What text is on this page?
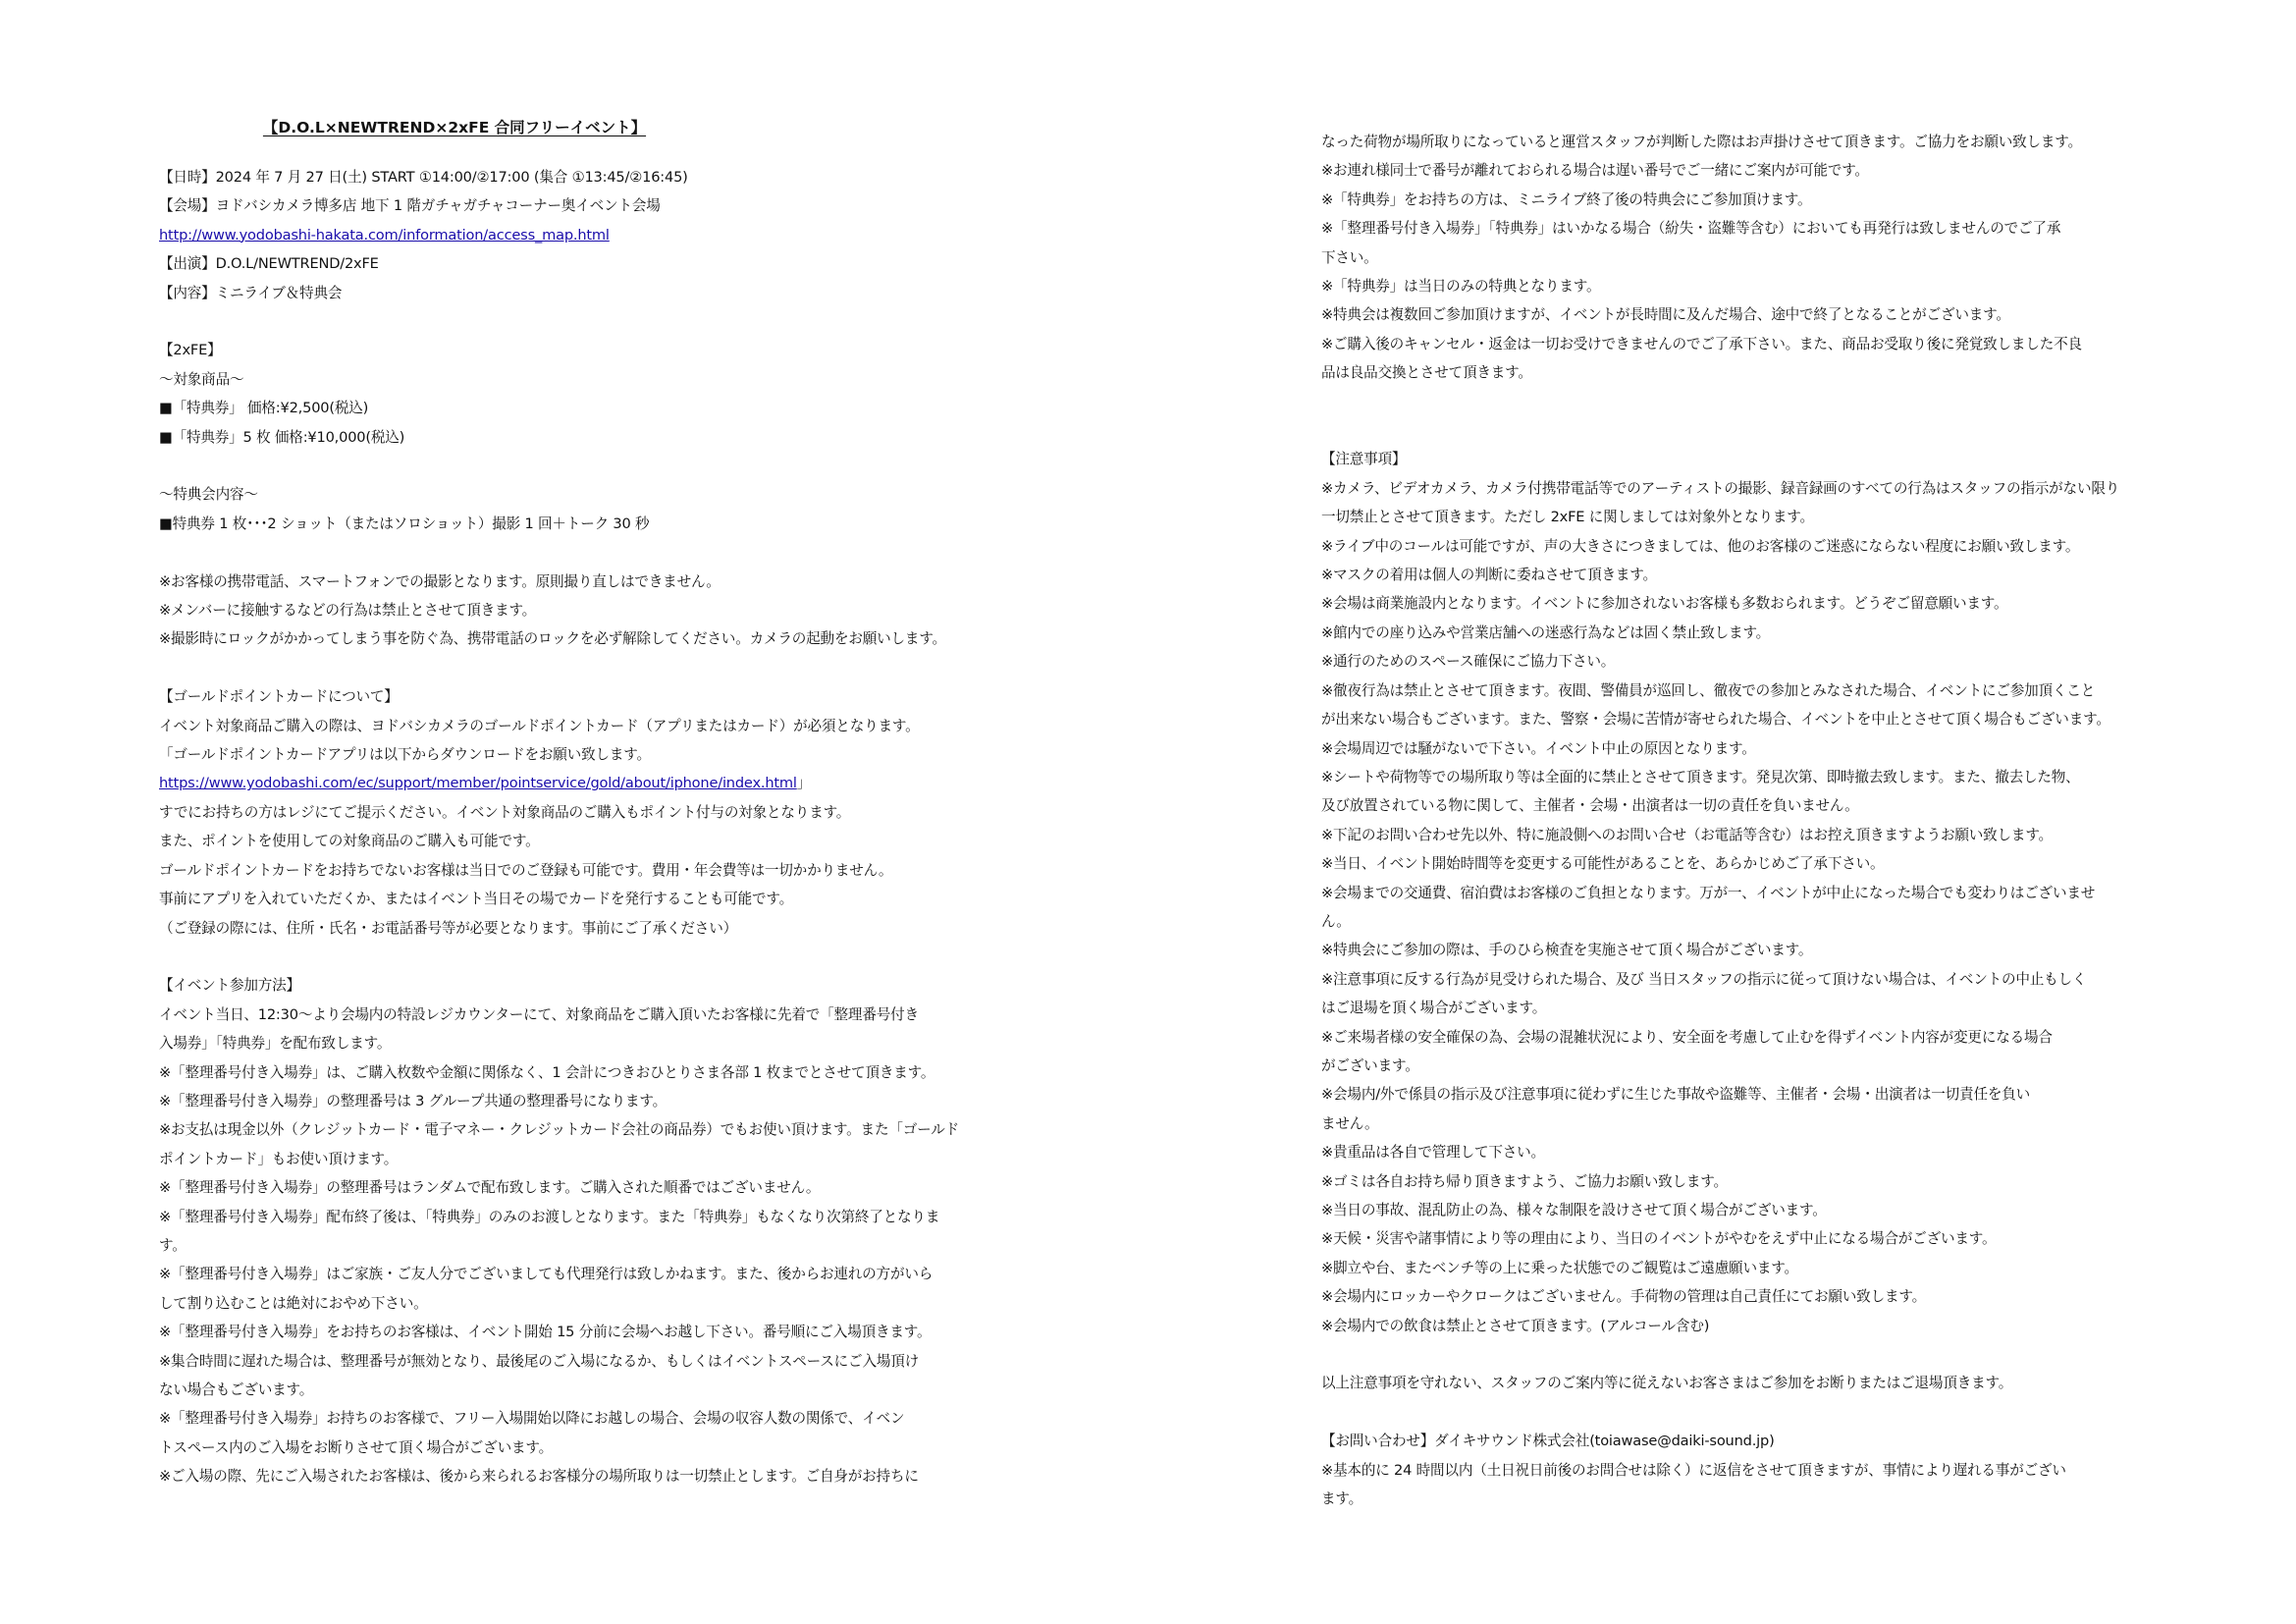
【D.O.L×NEWTREND×2xFE 合同フリーイベント】
【日時】2024 年 7 月 27 日(土) START ①14:00/②17:00 (集合 ①13:45/②16:45)
【会場】ヨドバシカメラ博多店 地下 1 階ガチャガチャコーナー奥イベント会場
http://www.yodobashi-hakata.com/information/access_map.html
【出演】D.O.L/NEWTREND/2xFE
【内容】ミニライブ＆特典会
【2xFE】
～対象商品～
■「特典券」 価格:¥2,500(税込)
■「特典券」5 枚 価格:¥10,000(税込)
～特典会内容～
■特典券 1 枚･･･2 ショット（またはソロショット）撮影 1 回＋トーク 30 秒
※お客様の携帯電話、スマートフォンでの撮影となります。原則撮り直しはできません。
※メンバーに接触するなどの行為は禁止とさせて頂きます。
※撮影時にロックがかかってしまう事を防ぐ為、携帯電話のロックを必ず解除してください。カメラの起動をお願いします。
【ゴールドポイントカードについて】
イベント対象商品ご購入の際は、ヨドバシカメラのゴールドポイントカード（アプリまたはカード）が必須となります。
「ゴールドポイントカードアプリは以下からダウンロードをお願い致します。
https://www.yodobashi.com/ec/support/member/pointservice/gold/about/iphone/index.html」
すでにお持ちの方はレジにてご提示ください。イベント対象商品のご購入もポイント付与の対象となります。
また、ポイントを使用しての対象商品のご購入も可能です。
ゴールドポイントカードをお持ちでないお客様は当日でのご登録も可能です。費用・年会費等は一切かかりません。
事前にアプリを入れていただくか、またはイベント当日その場でカードを発行することも可能です。
（ご登録の際には、住所・氏名・お電話番号等が必要となります。事前にご了承ください）
【イベント参加方法】
イベント当日、12:30～より会場内の特設レジカウンターにて、対象商品をご購入頂いたお客様に先着で「整理番号付き
入場券」「特典券」を配布致します。
※「整理番号付き入場券」は、ご購入枚数や金額に関係なく、1 会計につきおひとりさま各部 1 枚までとさせて頂きます。
※「整理番号付き入場券」の整理番号は 3 グループ共通の整理番号になります。
※お支払は現金以外（クレジットカード・電子マネー・クレジットカード会社の商品券）でもお使い頂けます。また「ゴールド
ポイントカード」もお使い頂けます。
※「整理番号付き入場券」の整理番号はランダムで配布致します。ご購入された順番ではございません。
※「整理番号付き入場券」配布終了後は、「特典券」のみのお渡しとなります。また「特典券」もなくなり次第終了となりま
す。
※「整理番号付き入場券」はご家族・ご友人分でございましても代理発行は致しかねます。また、後からお連れの方がいら
して割り込むことは絶対におやめ下さい。
※「整理番号付き入場券」をお持ちのお客様は、イベント開始 15 分前に会場へお越し下さい。番号順にご入場頂きます。
※集合時間に遅れた場合は、整理番号が無効となり、最後尾のご入場になるか、もしくはイベントスペースにご入場頂け
ない場合もございます。
※「整理番号付き入場券」お持ちのお客様で、フリー入場開始以降にお越しの場合、会場の収容人数の関係で、イベン
トスペース内のご入場をお断りさせて頂く場合がございます。
※ご入場の際、先にご入場されたお客様は、後から来られるお客様分の場所取りは一切禁止とします。ご自身がお持ちに
なった荷物が場所取りになっていると運営スタッフが判断した際はお声掛けさせて頂きます。ご協力をお願い致します。
※お連れ様同士で番号が離れておられる場合は遅い番号でご一緒にご案内が可能です。
※「特典券」をお持ちの方は、ミニライブ終了後の特典会にご参加頂けます。
※「整理番号付き入場券」「特典券」はいかなる場合（紛失・盗難等含む）においても再発行は致しませんのでご了承
下さい。
※「特典券」は当日のみの特典となります。
※特典会は複数回ご参加頂けますが、イベントが長時間に及んだ場合、途中で終了となることがございます。
※ご購入後のキャンセル・返金は一切お受けできませんのでご了承下さい。また、商品お受取り後に発覚致しました不良
品は良品交換とさせて頂きます。
【注意事項】
※カメラ、ビデオカメラ、カメラ付携帯電話等でのアーティストの撮影、録音録画のすべての行為はスタッフの指示がない限り
一切禁止とさせて頂きます。ただし 2xFE に関しましては対象外となります。
※ライブ中のコールは可能ですが、声の大きさにつきましては、他のお客様のご迷惑にならない程度にお願い致します。
※マスクの着用は個人の判断に委ねさせて頂きます。
※会場は商業施設内となります。イベントに参加されないお客様も多数おられます。どうぞご留意願います。
※館内での座り込みや営業店舗への迷惑行為などは固く禁止致します。
※通行のためのスペース確保にご協力下さい。
※徹夜行為は禁止とさせて頂きます。夜間、警備員が巡回し、徹夜での参加とみなされた場合、イベントにご参加頂くこと
が出来ない場合もございます。また、警察・会場に苦情が寄せられた場合、イベントを中止とさせて頂く場合もございます。
※会場周辺では騒がないで下さい。イベント中止の原因となります。
※シートや荷物等での場所取り等は全面的に禁止とさせて頂きます。発見次第、即時撤去致します。また、撤去した物、
及び放置されている物に関して、主催者・会場・出演者は一切の責任を負いません。
※下記のお問い合わせ先以外、特に施設側へのお問い合せ（お電話等含む）はお控え頂きますようお願い致します。
※当日、イベント開始時間等を変更する可能性があることを、あらかじめご了承下さい。
※会場までの交通費、宿泊費はお客様のご負担となります。万が一、イベントが中止になった場合でも変わりはございませ
ん。
※特典会にご参加の際は、手のひら検査を実施させて頂く場合がございます。
※注意事項に反する行為が見受けられた場合、及び 当日スタッフの指示に従って頂けない場合は、イベントの中止もしく
はご退場を頂く場合がございます。
※ご来場者様の安全確保の為、会場の混雑状況により、安全面を考慮して止むを得ずイベント内容が変更になる場合
がございます。
※会場内/外で係員の指示及び注意事項に従わずに生じた事故や盗難等、主催者・会場・出演者は一切責任を負い
ません。
※貴重品は各自で管理して下さい。
※ゴミは各自お持ち帰り頂きますよう、ご協力お願い致します。
※当日の事故、混乱防止の為、様々な制限を設けさせて頂く場合がございます。
※天候・災害や諸事情により等の理由により、当日のイベントがやむをえず中止になる場合がございます。
※脚立や台、またベンチ等の上に乗った状態でのご観覧はご遠慮願います。
※会場内にロッカーやクロークはございません。手荷物の管理は自己責任にてお願い致します。
※会場内での飲食は禁止とさせて頂きます。(アルコール含む)
以上注意事項を守れない、スタッフのご案内等に従えないお客さまはご参加をお断りまたはご退場頂きます。
【お問い合わせ】ダイキサウンド株式会社(toiawase@daiki-sound.jp)
※基本的に 24 時間以内（土日祝日前後のお問合せは除く）に返信をさせて頂きますが、事情により遅れる事がござい
ます。
